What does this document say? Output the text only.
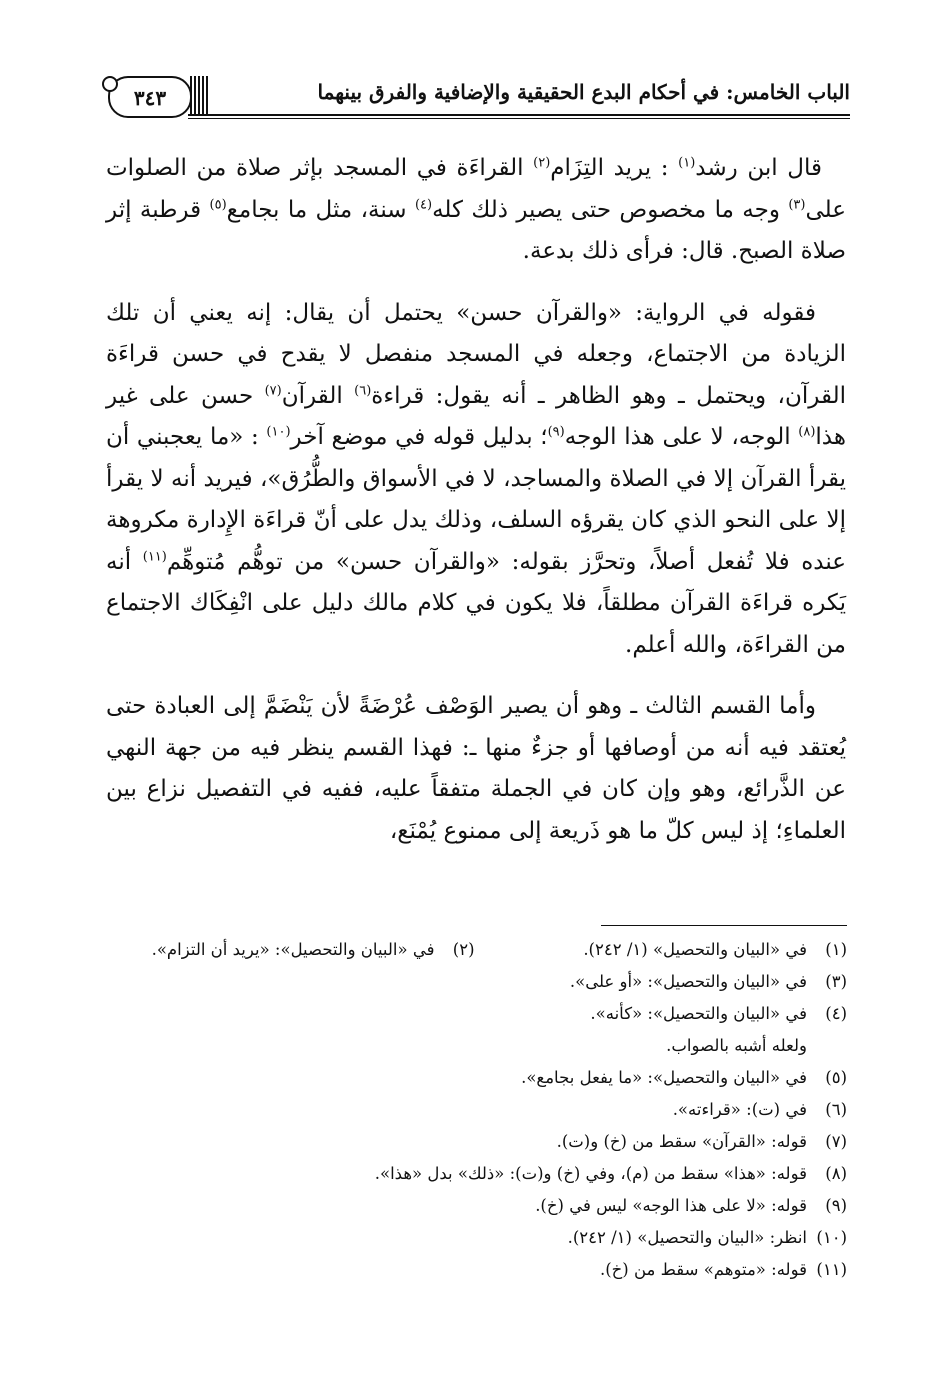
الباب الخامس: في أحكام البدع الحقيقية والإضافية والفرق بينهما
٣٤٣

قال ابن رشد$^{(١)}$ : يريد التِزَام$^{(٢)}$ القراءَة في المسجد بإثر صلاة من الصلوات على$^{(٣)}$ وجه ما مخصوص حتى يصير ذلك كله$^{(٤)}$ سنة، مثل ما بجامع$^{(٥)}$ قرطبة إثر صلاة الصبح. قال: فرأى ذلك بدعة.

فقوله في الرواية: «والقرآن حسن» يحتمل أن يقال: إنه يعني أن تلك الزيادة من الاجتماع، وجعله في المسجد منفصل لا يقدح في حسن قراءَة القرآن، ويحتمل ـ وهو الظاهر ـ أنه يقول: قراءة$^{(٦)}$ القرآن$^{(٧)}$ حسن على غير هذا$^{(٨)}$ الوجه، لا على هذا الوجه$^{(٩)}$؛ بدليل قوله في موضع آخر$^{(١٠)}$ : «ما يعجبني أن يقرأ القرآن إلا في الصلاة والمساجد، لا في الأسواق والطُّرُق»، فيريد أنه لا يقرأ إلا على النحو الذي كان يقرؤه السلف، وذلك يدل على أنّ قراءَة الإِدارة مكروهة عنده فلا تُفعل أصلاً، وتحرَّز بقوله: «والقرآن حسن» من توهُّم مُتوهِّم$^{(١١)}$ أنه يَكره قراءَة القرآن مطلقاً، فلا يكون في كلام مالك دليل على انْفِكَاك الاجتماع من القراءَة، والله أعلم.

وأما القسم الثالث ـ وهو أن يصير الوَصْف عُرْضَةً لأن يَنْضَمَّ إلى العبادة حتى يُعتقد فيه أنه من أوصافها أو جزءٌ منها ـ: فهذا القسم ينظر فيه من جهة النهي عن الذَّرائع، وهو وإن كان في الجملة متفقاً عليه، ففيه في التفصيل نزاع بين العلماءِ؛ إذ ليس كلّ ما هو ذَريعة إلى ممنوع يُمْنَع،

(١)في «البيان والتحصيل» (١/ ٢٤٢).
(٢)في «البيان والتحصيل»: «يريد أن التزام».
(٣)في «البيان والتحصيل»: «أو على».
(٤)في «البيان والتحصيل»: «كأنه».
ولعله أشبه بالصواب.
(٥)في «البيان والتحصيل»: «ما يفعل بجامع».
(٦)في (ت): «قراءته».
(٧)قوله: «القرآن» سقط من (خ) و(ت).
(٨)قوله: «هذا» سقط من (م)، وفي (خ) و(ت): «ذلك» بدل «هذا».
(٩)قوله: «لا على هذا الوجه» ليس في (خ).
(١٠)انظر: «البيان والتحصيل» (١/ ٢٤٢).
(١١)قوله: «متوهم» سقط من (خ).
